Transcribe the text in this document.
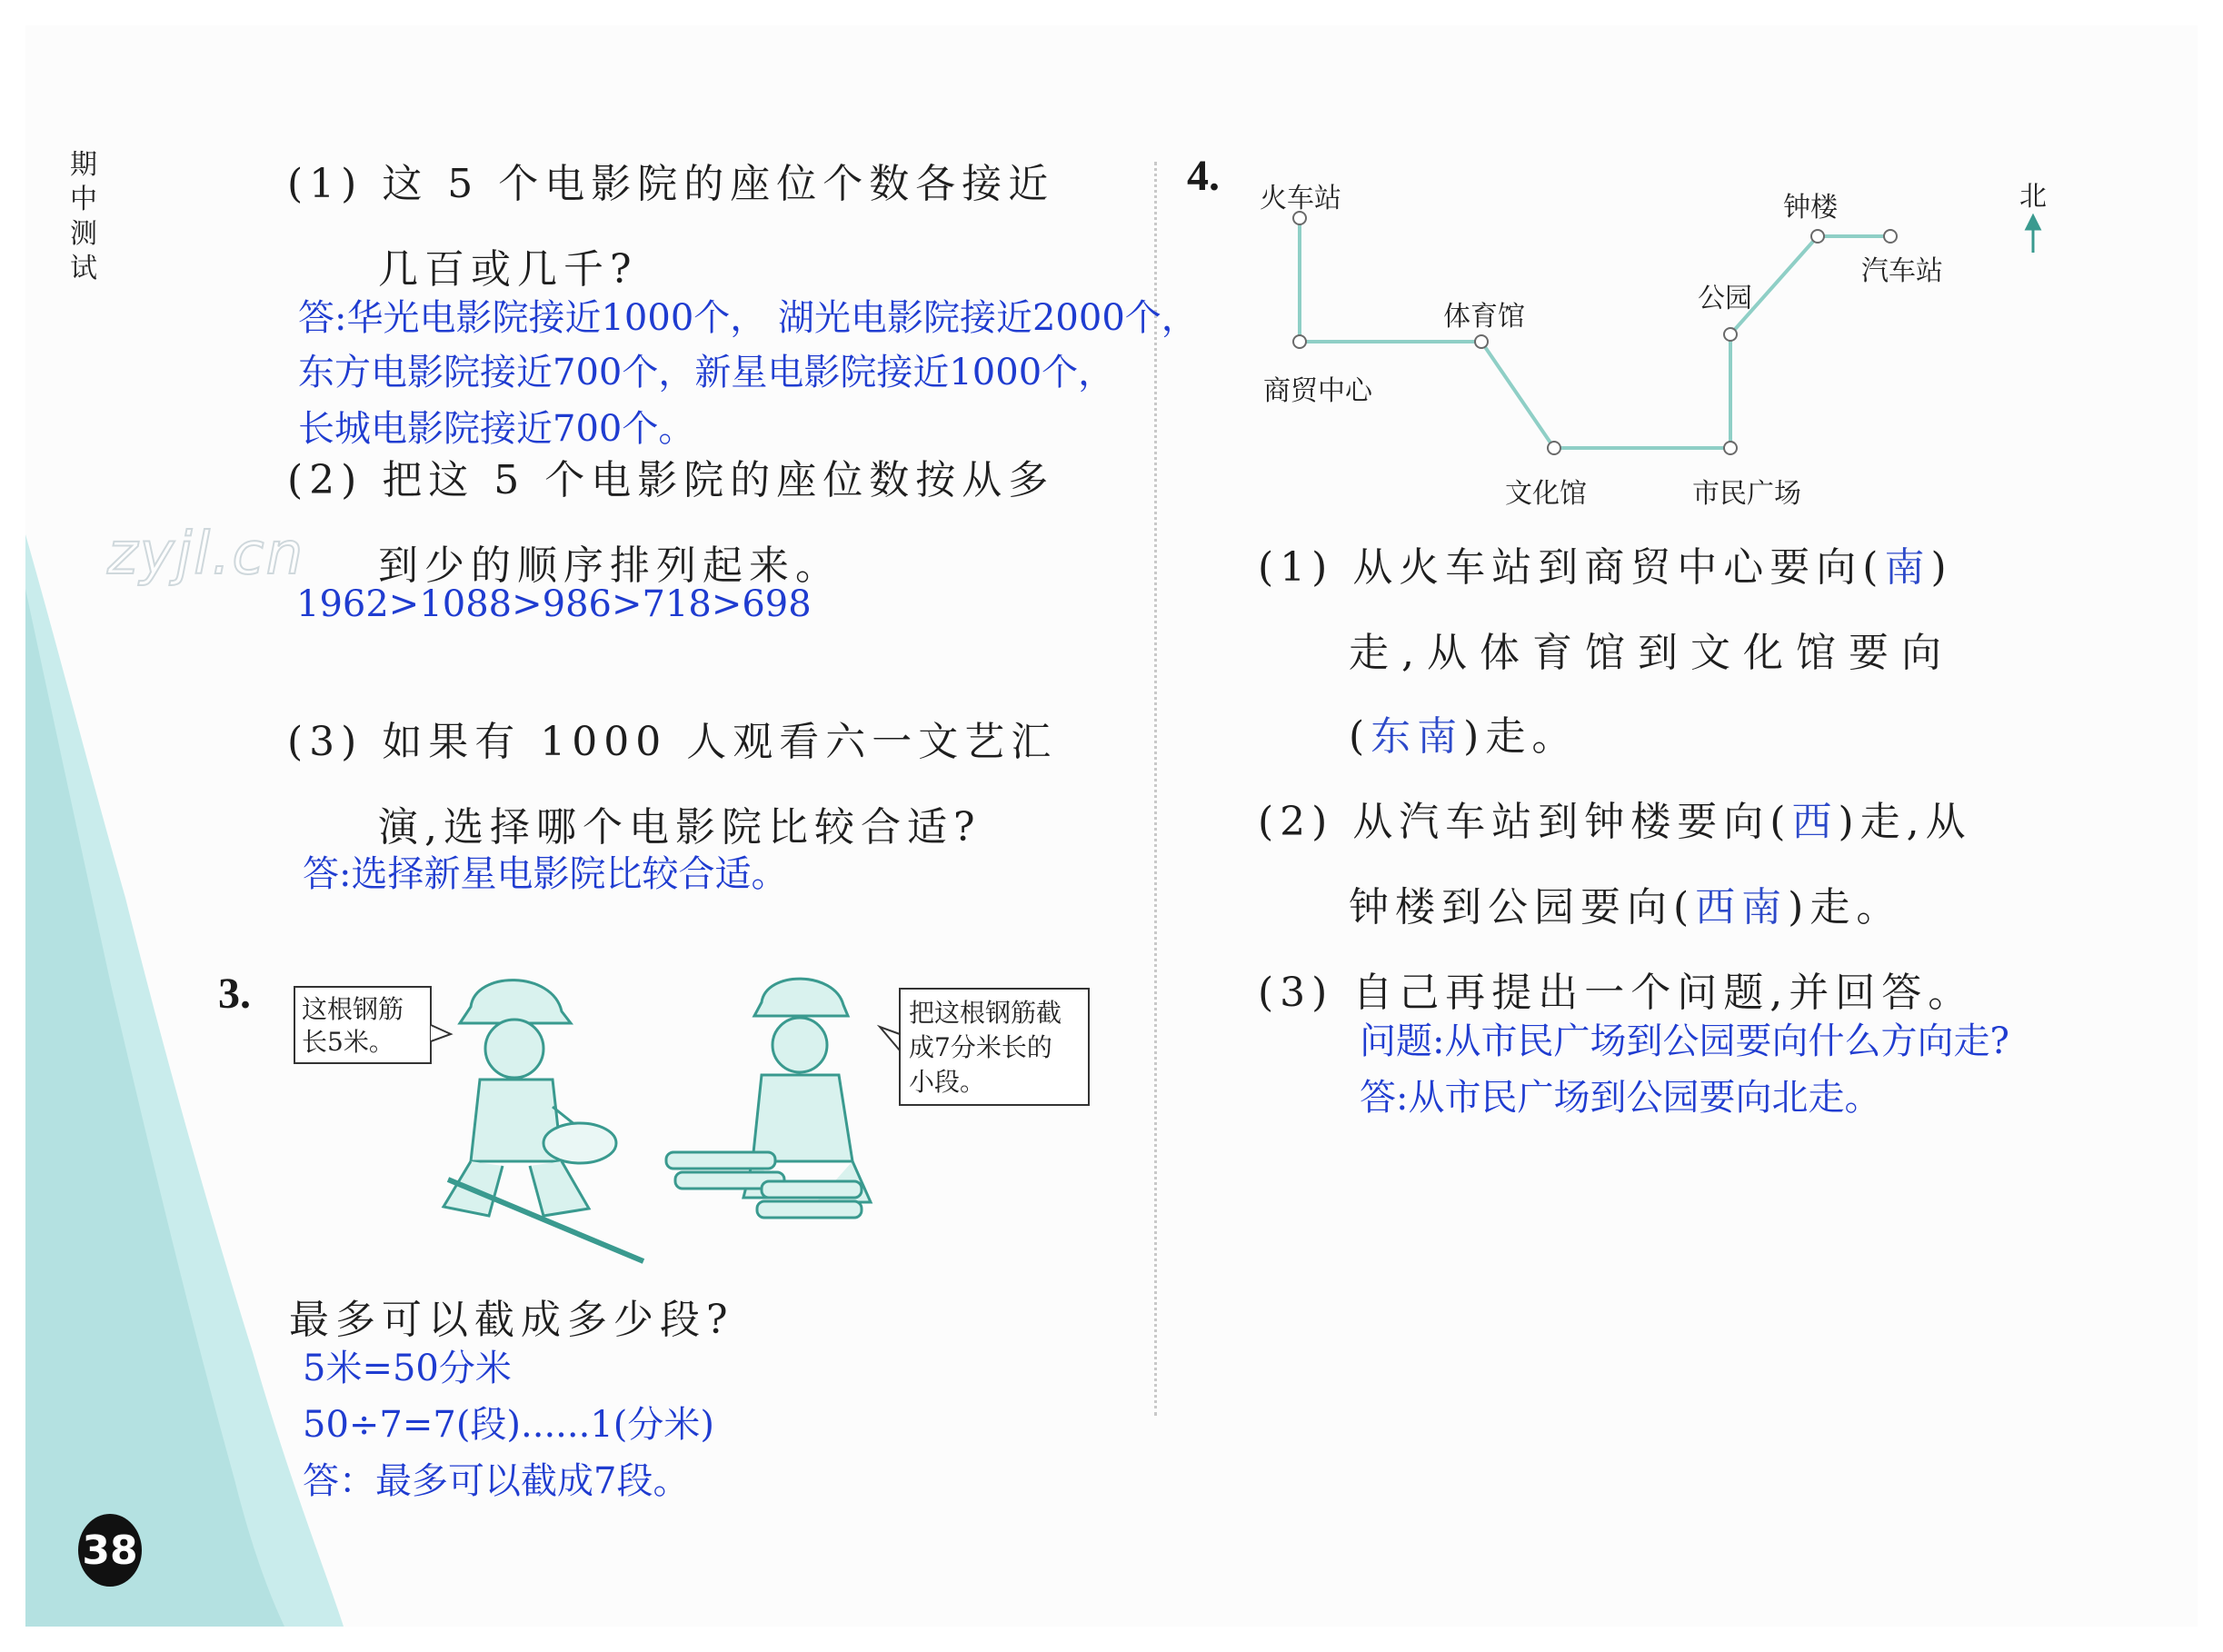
期
中
测
试
(1) 这 5 个电影院的座位个数各接近
几百或几千?
答:华光电影院接近1000个， 湖光电影院接近2000个，
东方电影院接近700个，新星电影院接近1000个，
长城电影院接近700个。
(2) 把这 5 个电影院的座位数按从多
zyjl.cn 到少的顺序排列起来。
1962>1088>986>718>698
(3) 如果有 1000 人观看六一文艺汇
演,选择哪个电影院比较合适?
答:选择新星电影院比较合适。
3. 这根钢筋
长5米。
把这根钢筋截
成7分米长的
小段。
最多可以截成多少段?
5米=50分米
50÷7=7(段)......1(分米)
答：最多可以截成7段。
4. 火车站
商贸中心
体育馆
文化馆	市民广场
公园
钟楼
汽车站
北
(1) 从火车站到商贸中心要向(南)
走,从体育馆到文化馆要向
(东南)走。
(2) 从汽车站到钟楼要向(西)走,从
钟楼到公园要向(西南)走。
(3) 自己再提出一个问题,并回答。
问题:从市民广场到公园要向什么方向走?
答:从市民广场到公园要向北走。
38
